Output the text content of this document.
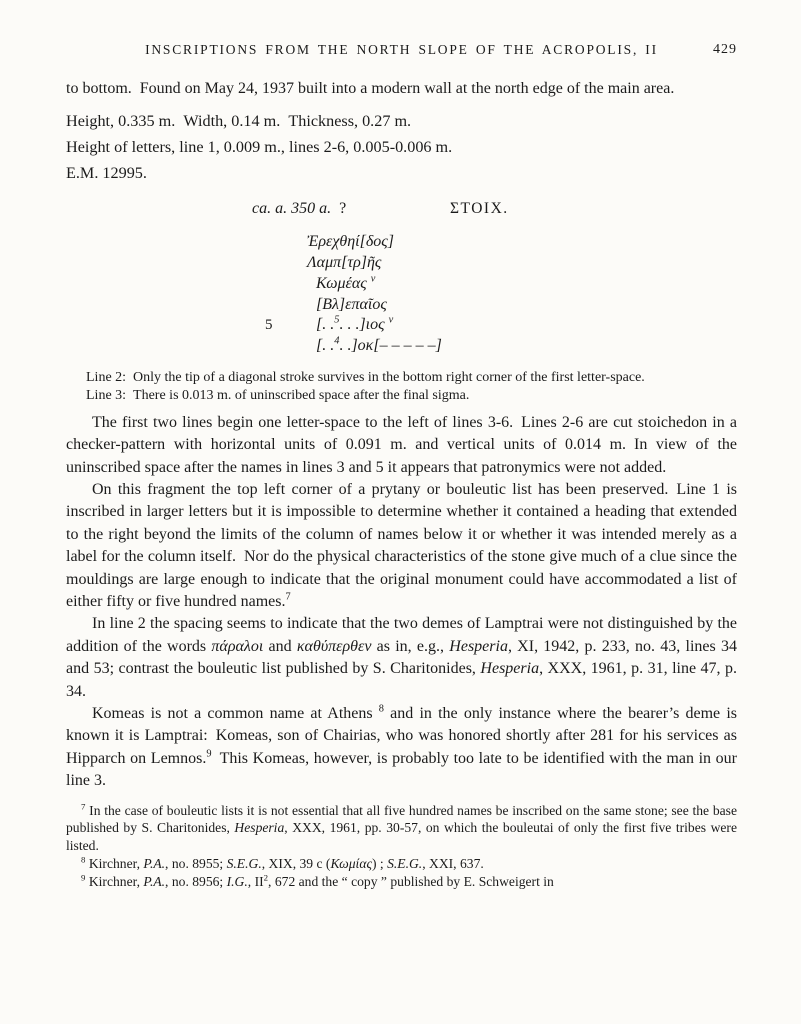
INSCRIPTIONS FROM THE NORTH SLOPE OF THE ACROPOLIS, II	429

to bottom. Found on May 24, 1937 built into a modern wall at the north edge of the main area.

Height, 0.335 m. Width, 0.14 m. Thickness, 0.27 m.
Height of letters, line 1, 0.009 m., lines 2-6, 0.005-0.006 m.
E.M. 12995.
ca. a. 350 a. ?	ΣΤΟΙΧ.
Ἐρεχθηί[δος]
Λαμπ[τρ]ῆς
Κωμέας $^v$
[Βλ]επαῖος
5	[. .$^5$. . .]ιος $^v$
[. .$^4$. .]οκ[– – – – –]

Line 2: Only the tip of a diagonal stroke survives in the bottom right corner of the first letter-space.

Line 3: There is 0.013 m. of uninscribed space after the final sigma.

The first two lines begin one letter-space to the left of lines 3-6. Lines 2-6 are cut stoichedon in a checker-pattern with horizontal units of 0.091 m. and vertical units of 0.014 m. In view of the uninscribed space after the names in lines 3 and 5 it appears that patronymics were not added.

On this fragment the top left corner of a prytany or bouleutic list has been preserved. Line 1 is inscribed in larger letters but it is impossible to determine whether it contained a heading that extended to the right beyond the limits of the column of names below it or whether it was intended merely as a label for the column itself. Nor do the physical characteristics of the stone give much of a clue since the mouldings are large enough to indicate that the original monument could have accommodated a list of either fifty or five hundred names.$^7$

In line 2 the spacing seems to indicate that the two demes of Lamptrai were not distinguished by the addition of the words πάραλοι and καθύπερθεν as in, e.g., Hesperia, XI, 1942, p. 233, no. 43, lines 34 and 53; contrast the bouleutic list published by S. Charitonides, Hesperia, XXX, 1961, p. 31, line 47, p. 34.

Komeas is not a common name at Athens $^8$ and in the only instance where the bearer’s deme is known it is Lamptrai: Komeas, son of Chairias, who was honored shortly after 281 for his services as Hipparch on Lemnos.$^9$ This Komeas, however, is probably too late to be identified with the man in our line 3.

$^7$ In the case of bouleutic lists it is not essential that all five hundred names be inscribed on the same stone; see the base published by S. Charitonides, Hesperia, XXX, 1961, pp. 30-57, on which the bouleutai of only the first five tribes were listed.

$^8$ Kirchner, P.A., no. 8955; S.E.G., XIX, 39 c (Κωμίας) ; S.E.G., XXI, 637.

$^9$ Kirchner, P.A., no. 8956; I.G., $II^2$, 672 and the “ copy ” published by E. Schweigert in
